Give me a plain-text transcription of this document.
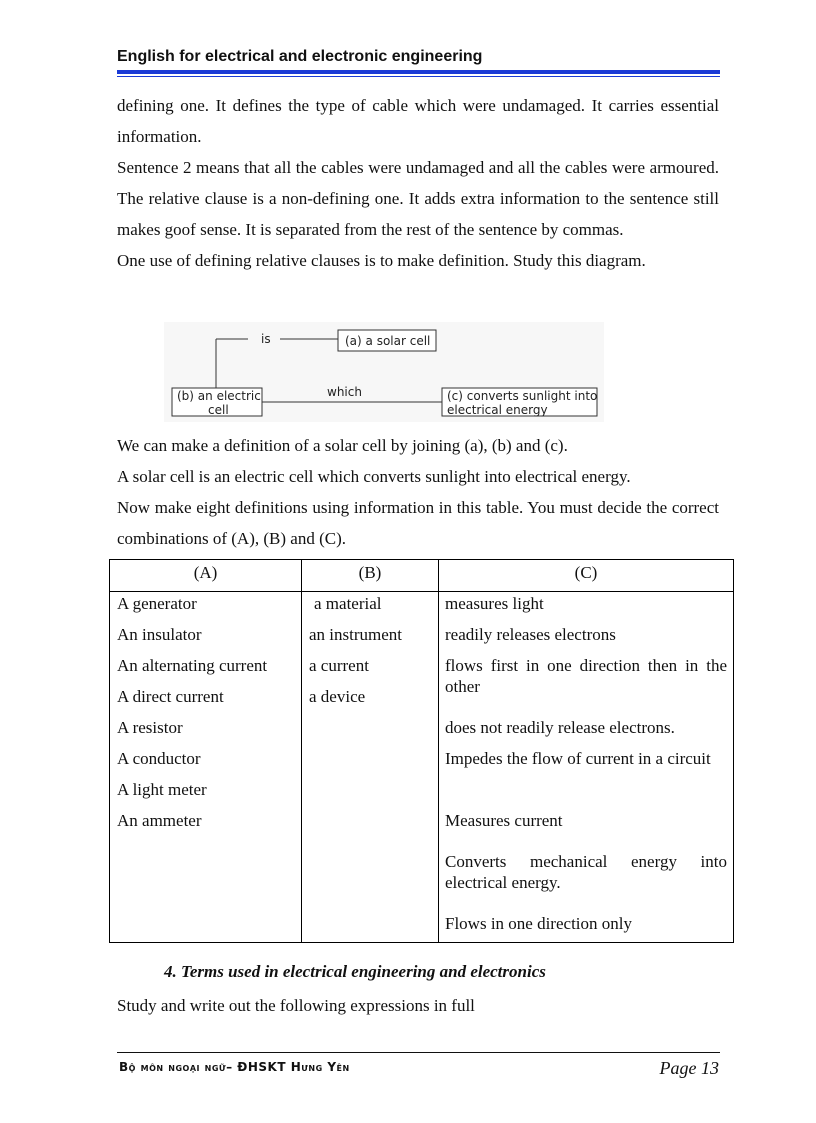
English for electrical and electronic engineering

defining one. It defines the type of cable which were undamaged. It carries essential information.

Sentence 2 means that all the cables were undamaged and all the cables were armoured. The relative clause is a non-defining one. It adds extra information to the sentence still makes goof sense. It is separated from the rest of the sentence by commas.

One use of defining relative clauses is to make definition. Study this diagram.

(a) a solar cell
is
(b) an electric
cell
which	(c) converts sunlight into
electrical energy

We can make a definition of a solar cell by joining (a), (b) and (c).

A solar cell is an electric cell which converts sunlight into electrical energy.

Now make eight definitions using information in this table. You must decide the correct combinations of (A), (B) and (C).

(A)
A generator
An insulator
An alternating current
A direct current
A resistor
A conductor
A light meter
An ammeter
(B)
a material
an instrument
a current
a device
(C)
measures light
readily releases electrons
flows first in one direction then in the other
does not readily release electrons.
Impedes the flow of current in a circuit
Measures current
Converts mechanical energy into electrical energy.
Flows in one direction only
4. Terms used in electrical engineering and electronics

Study and write out the following expressions in full

Bộ môn ngoại ngữ– ĐHSKT Hưng Yên	Page 13
